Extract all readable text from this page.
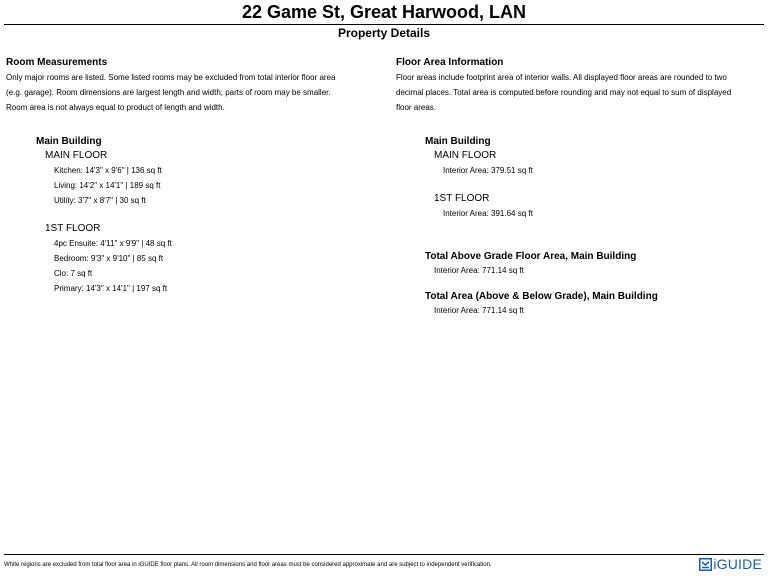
22 Game St, Great Harwood, LAN
Property Details
Room Measurements
Only major rooms are listed. Some listed rooms may be excluded from total interior floor area
(e.g. garage). Room dimensions are largest length and width; parts of room may be smaller.
Room area is not always equal to product of length and width.
Main Building
MAIN FLOOR
Kitchen: 14'3" x 9'6" | 136 sq ft
Living: 14'2" x 14'1" | 189 sq ft
Utility: 3'7" x 8'7" | 30 sq ft
1ST FLOOR
4pc Ensuite: 4'11" x 9'9" | 48 sq ft
Bedroom: 9'3" x 9'10" | 85 sq ft
Clo: 7 sq ft
Primary: 14'3" x 14'1" | 197 sq ft
Floor Area Information
Floor areas include footprint area of interior walls. All displayed floor areas are rounded to two
decimal places. Total area is computed before rounding and may not equal to sum of displayed
floor areas.
Main Building
MAIN FLOOR
Interior Area: 379.51 sq ft
1ST FLOOR
Interior Area: 391.64 sq ft
Total Above Grade Floor Area, Main Building
Interior Area: 771.14 sq ft
Total Area (Above & Below Grade), Main Building
Interior Area: 771.14 sq ft
White regions are excluded from total floor area in iGUIDE floor plans. All room dimensions and floor areas must be considered approximate and are subject to independent verification.	iGUIDE
